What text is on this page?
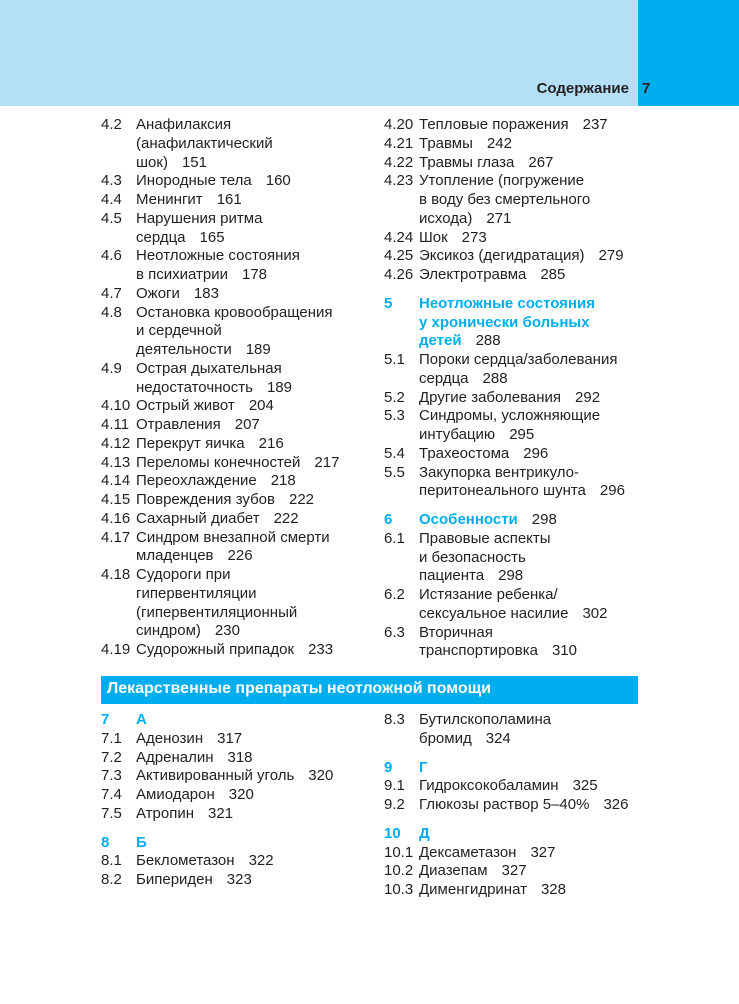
Содержание 7
4.2 Анафилаксия
(анафилактический
шок) 151
4.3 Инородные тела 160
4.4 Менингит 161
4.5 Нарушения ритма
сердца 165
4.6 Неотложные состояния
в психиатрии 178
4.7 Ожоги 183
4.8 Остановка кровообращения
и сердечной
деятельности 189
4.9 Острая дыхательная
недостаточность 189
4.10 Острый живот 204
4.11 Отравления 207
4.12 Перекрут яичка 216
4.13 Переломы конечностей 217
4.14 Переохлаждение 218
4.15 Повреждения зубов 222
4.16 Сахарный диабет 222
4.17 Синдром внезапной смерти
младенцев 226
4.18 Судороги при
гипервентиляции
(гипервентиляционный
синдром) 230
4.19 Судорожный припадок 233
4.20 Тепловые поражения 237
4.21 Травмы 242
4.22 Травмы глаза 267
4.23 Утопление (погружение
в воду без смертельного
исхода) 271
4.24 Шок 273
4.25 Эксикоз (дегидратация) 279
4.26 Электротравма 285
5	Неотложные состояния
у хронически больных
детей 288
5.1 Пороки сердца/заболевания
сердца 288
5.2 Другие заболевания 292
5.3 Синдромы, усложняющие
интубацию 295
5.4 Трахеостома 296
5.5 Закупорка вентрикуло-
перитонеального шунта 296
6	Особенности 298
6.1 Правовые аспекты
и безопасность
пациента 298
6.2 Истязание ребенка/
сексуальное насилие 302
6.3 Вторичная
транспортировка 310
Лекарственные препараты неотложной помощи
7	А
7.1 Аденозин 317
7.2 Адреналин 318
7.3 Активированный уголь 320
7.4 Амиодарон 320
7.5 Атропин 321
8	Б
8.1 Беклометазон 322
8.2 Бипериден 323
8.3 Бутилскополамина
бромид 324
9	Г
9.1 Гидроксокобаламин 325
9.2 Глюкозы раствор 5–40% 326
10	Д
10.1 Дексаметазон 327
10.2 Диазепам 327
10.3 Дименгидринат 328
